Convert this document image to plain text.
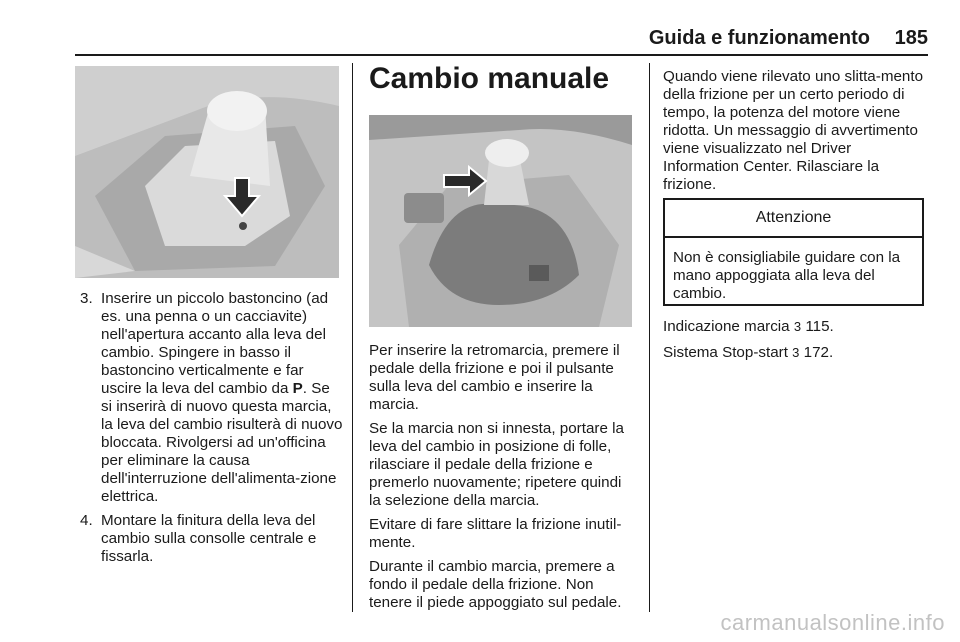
Guida e funzionamento	185
3. Inserire un piccolo bastoncino (ad es. una penna o un cacciavite) nell'apertura accanto alla leva del cambio. Spingere in basso il bastoncino verticalmente e far uscire la leva del cambio da P. Se si inserirà di nuovo questa marcia, la leva del cambio risulterà di nuovo bloccata. Rivolgersi ad un'officina per eliminare la causa dell'interruzione dell'alimenta-zione elettrica.
4. Montare la finitura della leva del cambio sulla consolle centrale e fissarla.
Cambio manuale

Per inserire la retromarcia, premere il pedale della frizione e poi il pulsante sulla leva del cambio e inserire la marcia.

Se la marcia non si innesta, portare la leva del cambio in posizione di folle, rilasciare il pedale della frizione e premerlo nuovamente; ripetere quindi la selezione della marcia.

Evitare di fare slittare la frizione inutil-mente.

Durante il cambio marcia, premere a fondo il pedale della frizione. Non tenere il piede appoggiato sul pedale.

Quando viene rilevato uno slitta-mento della frizione per un certo periodo di tempo, la potenza del motore viene ridotta. Un messaggio di avvertimento viene visualizzato nel Driver Information Center. Rilasciare la frizione.

Attenzione
Non è consigliabile guidare con la mano appoggiata alla leva del cambio.

Indicazione marcia 3 115.

Sistema Stop-start 3 172.

carmanualsonline.info
